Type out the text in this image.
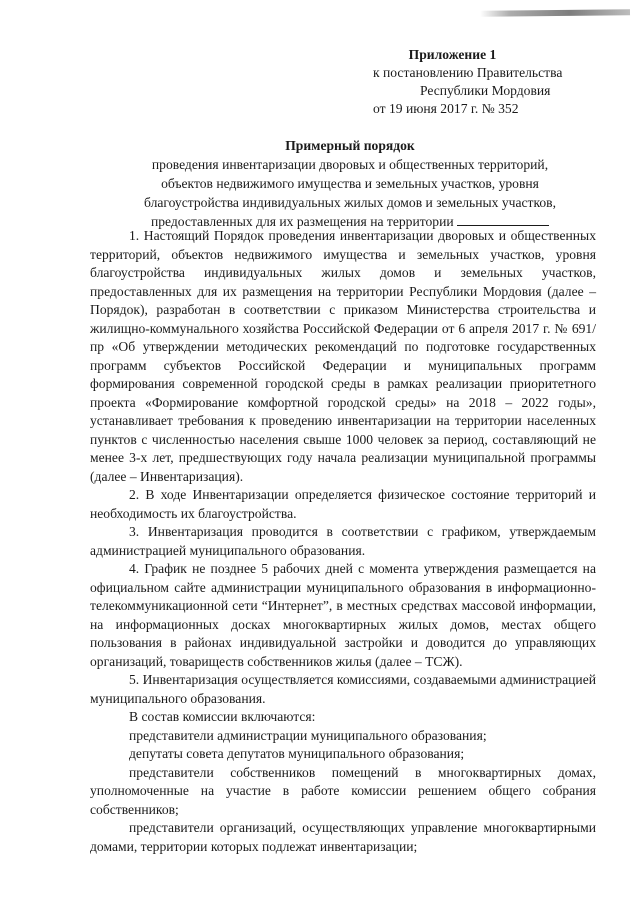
Приложение 1
к постановлению Правительства
Республики Мордовия
от 19 июня 2017 г. № 352
Примерный порядок
проведения инвентаризации дворовых и общественных территорий,
объектов недвижимого имущества и земельных участков, уровня
благоустройства индивидуальных жилых домов и земельных участков,
предоставленных для их размещения на территории

1. Настоящий Порядок проведения инвентаризации дворовых и общественных территорий, объектов недвижимого имущества и земельных участков, уровня благоустройства индивидуальных жилых домов и земельных участков, предоставленных для их размещения на территории Республики Мордовия (далее – Порядок), разработан в соответствии с приказом Министерства строительства и жилищно-коммунального хозяйства Российской Федерации от 6 апреля 2017 г. № 691/пр «Об утверждении методических рекомендаций по подготовке государственных программ субъектов Российской Федерации и муниципальных программ формирования современной городской среды в рамках реализации приоритетного проекта «Формирование комфортной городской среды» на 2018 – 2022 годы», устанавливает требования к проведению инвентаризации на территории населенных пунктов с численностью населения свыше 1000 человек за период, составляющий не менее 3-х лет, предшествующих году начала реализации муниципальной программы (далее – Инвентаризация).

2. В ходе Инвентаризации определяется физическое состояние территорий и необходимость их благоустройства.

3. Инвентаризация проводится в соответствии с графиком, утверждаемым администрацией муниципального образования.

4. График не позднее 5 рабочих дней с момента утверждения размещается на официальном сайте администрации муниципального образования в информационно-телекоммуникационной сети “Интернет”, в местных средствах массовой информации, на информационных досках многоквартирных жилых домов, местах общего пользования в районах индивидуальной застройки и доводится до управляющих организаций, товариществ собственников жилья (далее – ТСЖ).

5. Инвентаризация осуществляется комиссиями, создаваемыми администрацией муниципального образования.

В состав комиссии включаются:

представители администрации муниципального образования;

депутаты совета депутатов муниципального образования;

представители собственников помещений в многоквартирных домах, уполномоченные на участие в работе комиссии решением общего собрания собственников;

представители организаций, осуществляющих управление многоквартирными домами, территории которых подлежат инвентаризации;
